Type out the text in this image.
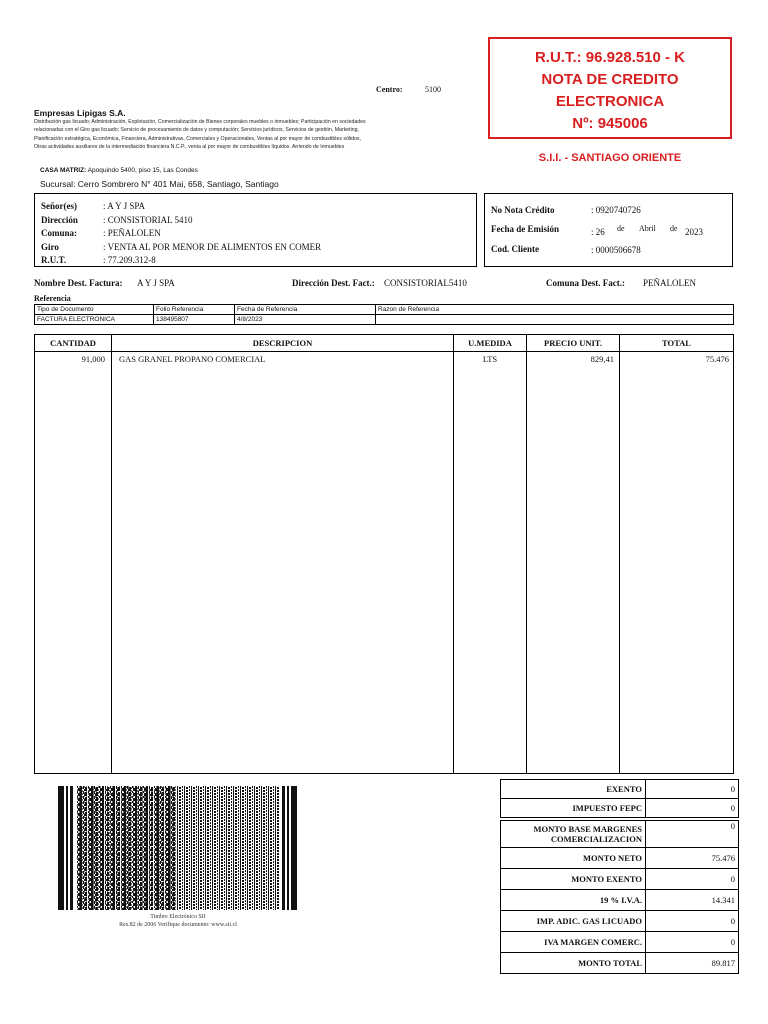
R.U.T.: 96.928.510 - K
NOTA DE CREDITO
ELECTRONICA
Nº: 945006
S.I.I. - SANTIAGO ORIENTE
Centro:	5100
Empresas Lipigas S.A.
Distribución gas licuado; Administración, Explotación, Comercialización de Bienes corporales muebles o inmuebles; Participación en sociedades
relacionadas con el Giro gas licuado; Servicio de procesamiento de datos y computación; Servicios jurídicos, Servicios de gestión, Marketing,
Planificación estratégica, Económica, Financiera, Administrativas, Comerciales y Operacionales, Ventas al por mayor de combustibles sólidos,
Otras actividades auxiliares de la intermediación financiera N.C.P., venta al por mayor de combustibles líquidos. Arriendo de Inmuebles
CASA MATRIZ: Apoquindo 5400, piso 15, Las Condes
Sucursal: Cerro Sombrero N° 401 Mai, 658, Santiago, Santiago
Señor(es)	: A Y J SPA
Dirección	: CONSISTORIAL 5410
Comuna:	: PEÑALOLEN
Giro	: VENTA AL POR MENOR DE ALIMENTOS EN COMER
R.U.T.	: 77.209.312-8
No Nota Crédito	: 0920740726
Fecha de Emisión	: 26 de Abril de 2023
Cod. Cliente	: 0000506678
Nombre Dest. Factura: A Y J SPA	Dirección Dest. Fact.: CONSISTORIAL5410	Comuna Dest. Fact.: PEÑALOLEN
Referencia
Tipo de Documento	Folio Referencia	Fecha de Referencia	Razon de Referencia
FACTURA ELECTRONICA	138495807	4/8/2023	
CANTIDAD	DESCRIPCION	U.MEDIDA	PRECIO UNIT.	TOTAL
91,000 GAS GRANEL PROPANO COMERCIAL	LTS	829,41	75.476
Timbre Electrónico SII
Res.82 de 2006 Verifique documento: www.sii.cl
EXENTO	0
IMPUESTO FEPC	0
MONTO BASE MARGENES
COMERCIALIZACION	0
MONTO NETO	75.476
MONTO EXENTO	0
19 % I.V.A.	14.341
IMP. ADIC. GAS LICUADO	0
IVA MARGEN COMERC.	0
MONTO TOTAL	89.817
